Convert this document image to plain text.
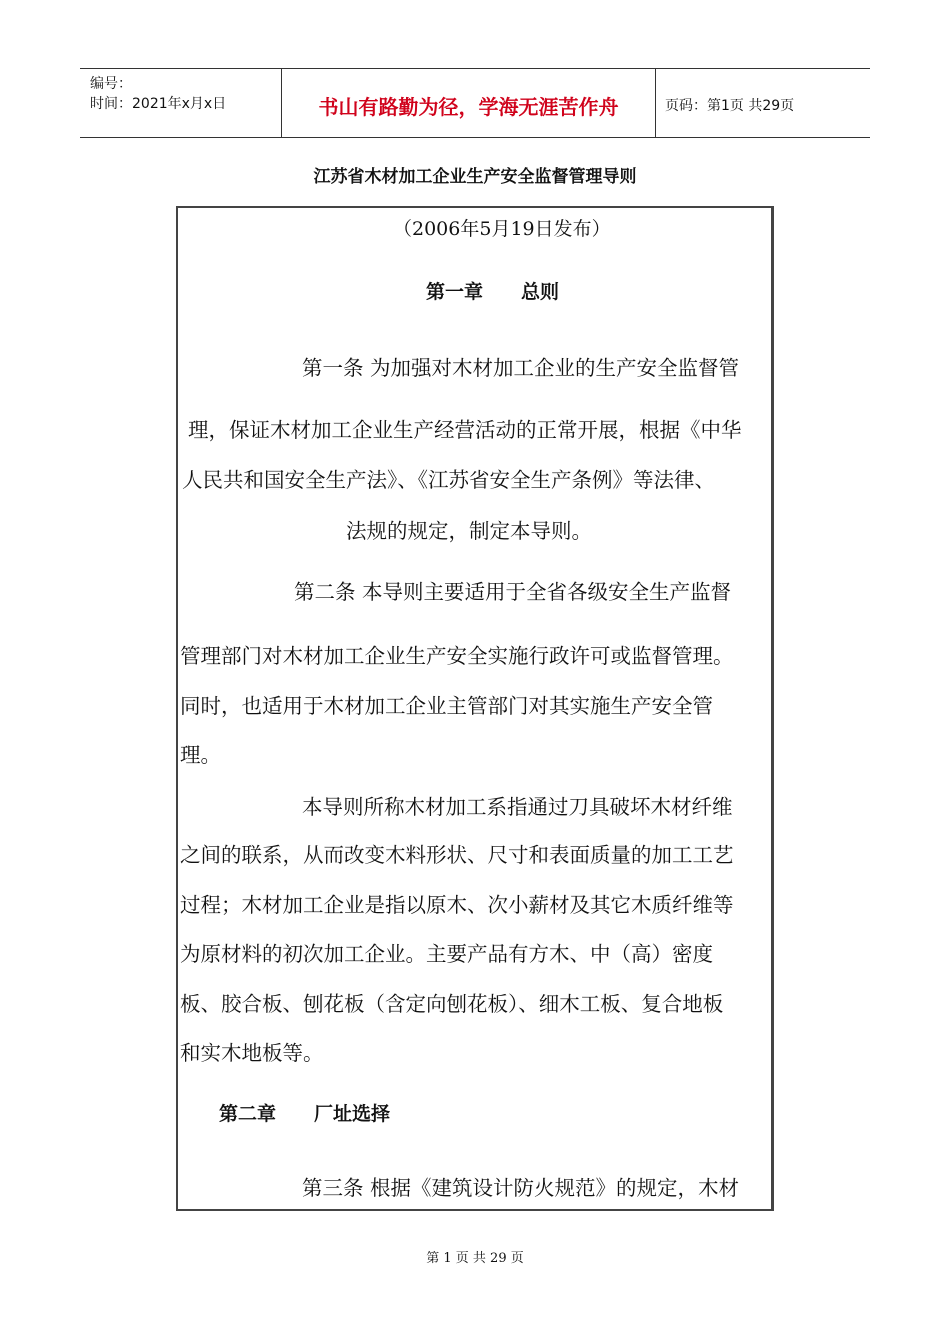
编号：
时间：2021年x月x日	书山有路勤为径，学海无涯苦作舟	页码：第1页 共29页
江苏省木材加工企业生产安全监督管理导则
（2006年5月19日发布）
第一章　　总则
第一条 为加强对木材加工企业的生产安全监督管
理，保证木材加工企业生产经营活动的正常开展，根据《中华
人民共和国安全生产法》、《江苏省安全生产条例》等法律、
法规的规定，制定本导则。
第二条 本导则主要适用于全省各级安全生产监督
管理部门对木材加工企业生产安全实施行政许可或监督管理。
同时，也适用于木材加工企业主管部门对其实施生产安全管
理。
本导则所称木材加工系指通过刀具破坏木材纤维
之间的联系，从而改变木料形状、尺寸和表面质量的加工工艺
过程；木材加工企业是指以原木、次小薪材及其它木质纤维等
为原材料的初次加工企业。主要产品有方木、中（高）密度
板、胶合板、刨花板（含定向刨花板）、细木工板、复合地板
和实木地板等。
第二章　　厂址选择
第三条 根据《建筑设计防火规范》的规定，木材
第 1 页 共 29 页
